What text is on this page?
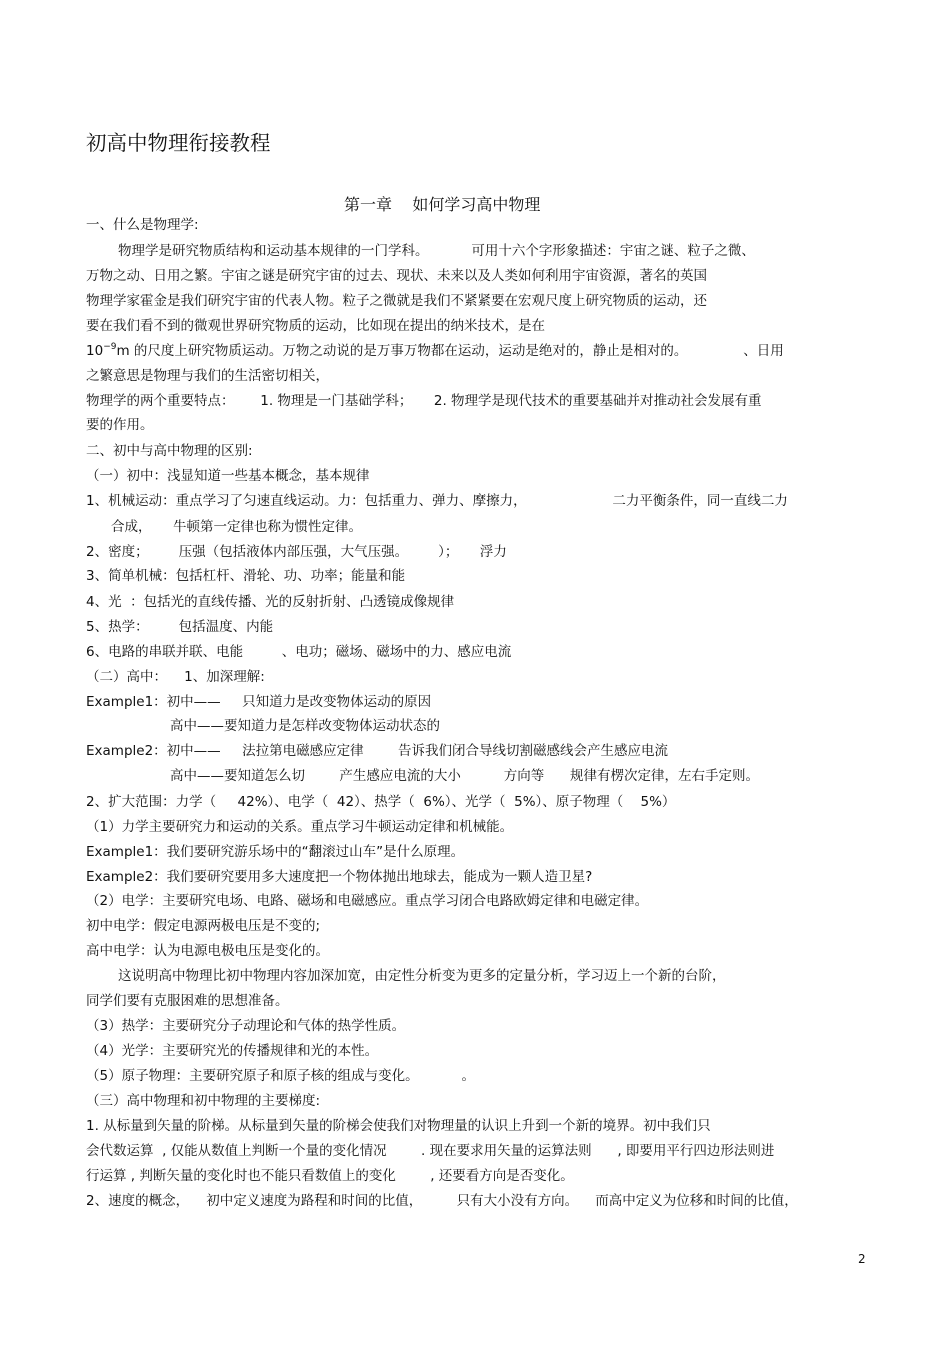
初高中物理衔接教程
第一章    如何学习高中物理
一、什么是物理学:
物理学是研究物质结构和运动基本规律的一门学科。          可用十六个字形象描述：宇宙之谜、粒子之微、
万物之动、日用之繁。宇宙之谜是研究宇宙的过去、现状、未来以及人类如何利用宇宙资源，著名的英国
物理学家霍金是我们研究宇宙的代表人物。粒子之微就是我们不紧紧要在宏观尺度上研究物质的运动，还
要在我们看不到的微观世界研究物质的运动，比如现在提出的纳米技术，是在
$10^{-9}m$ 的尺度上研究物质运动。万物之动说的是万事万物都在运动，运动是绝对的，静止是相对的。             、日用
之繁意思是物理与我们的生活密切相关，
物理学的两个重要特点：      1. 物理是一门基础学科；     2. 物理学是现代技术的重要基础并对推动社会发展有重
要的作用。
二、初中与高中物理的区别:
（一）初中：浅显知道一些基本概念，基本规律
1、机械运动：重点学习了匀速直线运动。力：包括重力、弹力、摩擦力，                    二力平衡条件，同一直线二力
合成，     牛顿第一定律也称为惯性定律。
2、密度；       压强（包括液体内部压强，大气压强。       ）；     浮力
3、简单机械：包括杠杆、滑轮、功、功率；能量和能
4、光  ：包括光的直线传播、光的反射折射、凸透镜成像规律
5、热学：       包括温度、内能
6、电路的串联并联、电能         、电功；磁场、磁场中的力、感应电流
（二）高中：    1、加深理解:
Example1：初中——     只知道力是改变物体运动的原因
高中——要知道力是怎样改变物体运动状态的
Example2：初中——     法拉第电磁感应定律        告诉我们闭合导线切割磁感线会产生感应电流
高中——要知道怎么切        产生感应电流的大小          方向等      规律有楞次定律，左右手定则。
2、扩大范围：力学（     42%）、电学（  42）、热学（  6%）、光学（  5%）、原子物理（    5%）
（1）力学主要研究力和运动的关系。重点学习牛顿运动定律和机械能。
Example1：我们要研究游乐场中的“翻滚过山车”是什么原理。
Example2：我们要研究要用多大速度把一个物体抛出地球去，能成为一颗人造卫星?
（2）电学：主要研究电场、电路、磁场和电磁感应。重点学习闭合电路欧姆定律和电磁定律。
初中电学：假定电源两极电压是不变的;
高中电学：认为电源电极电压是变化的。
这说明高中物理比初中物理内容加深加宽，由定性分析变为更多的定量分析，学习迈上一个新的台阶，
同学们要有克服困难的思想准备。
（3）热学：主要研究分子动理论和气体的热学性质。
（4）光学：主要研究光的传播规律和光的本性。
（5）原子物理：主要研究原子和原子核的组成与变化。          。
（三）高中物理和初中物理的主要梯度:
1. 从标量到矢量的阶梯。从标量到矢量的阶梯会使我们对物理量的认识上升到一个新的境界。初中我们只
会代数运算  , 仅能从数值上判断一个量的变化情况        . 现在要求用矢量的运算法则      , 即要用平行四边形法则进
行运算 , 判断矢量的变化时也不能只看数值上的变化        , 还要看方向是否变化。
2、速度的概念，    初中定义速度为路程和时间的比值，        只有大小没有方向。    而高中定义为位移和时间的比值，
2
